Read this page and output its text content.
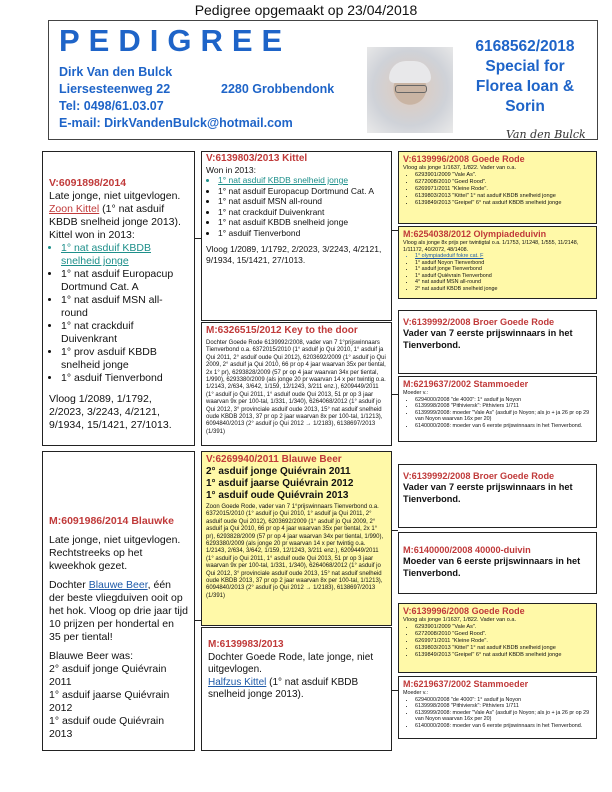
Pedigree opgemaakt op 23/04/2018
PEDIGREE
Dirk Van den Bulck
Liersesteenweg 22	2280 Grobbendonk
Tel: 0498/61.03.07
E-mail: DirkVandenBulck@hotmail.com
6168562/2018
Special for
Florea Ioan &
Sorin
Van den Bulck
V:6091898/2014
Late jonge, niet uitgevlogen.
Zoon Kittel (1° nat asduif KBDB snelheid jonge 2013).
Kittel won in 2013:
• 1° nat asduif KBDB snelheid jonge
• 1° nat asduif Europacup Dortmund Cat. A
• 1° nat asduif MSN all-round
• 1° nat crackduif Duivenkrant
• 1° prov asduif KBDB snelheid jonge
• 1° asduif Tienverbond
Vloog 1/2089, 1/1792, 2/2023, 3/2243, 4/2121, 9/1934, 15/1421, 27/1013.
M:6091986/2014 Blauwke
Late jonge, niet uitgevlogen. Rechtstreeks op het kweekhok gezet.
Dochter Blauwe Beer, één der beste vliegduiven ooit op het hok. Vloog op drie jaar tijd 10 prijzen per hondertal en 35 per tiental!
Blauwe Beer was:
2° asduif jonge Quiévrain 2011
1° asduif jaarse Quiévrain 2012
1° asduif oude Quiévrain 2013
V:6139803/2013 Kittel
Won in 2013:
• 1° nat asduif KBDB snelheid jonge
• 1° nat asduif Europacup Dortmund Cat. A
• 1° nat asduif MSN all-round
• 1° nat crackduif Duivenkrant
• 1° nat asduif KBDB snelheid jonge
• 1° asduif Tienverbond
Vloog 1/2089, 1/1792, 2/2023, 3/2243, 4/2121, 9/1934, 15/1421, 27/1013.
M:6326515/2012 Key to the door
Dochter Goede Rode 6139992/2008, vader van 7 1°prijswinnaars Tienverbond o.a. 6372015/2010 (1° asduif jo Qui 2010, 1° asduif ja Qui 2011, 2° asduif oude Qui 2012), 6203692/2009 (1° asduif jo Qui 2009, 2° asduif ja Qui 2010, 66 pr op 4 jaar waarvan 35x per tiental, 2x 1° pr), 6293828/2009 (57 pr op 4 jaar waarvan 34x per tiental, 1/990), 6293380/2009 (als jonge 20 pr waarvan 14 x per twintig o.a. 1/2143, 2/634, 3/642, 1/159, 12/1243, 3/211 enz.), 6209449/2011 (1° asduif jo Qui 2011, 1° asduif oude Qui 2013, 51 pr op 3 jaar waarvan 9x per 100-tal, 1/331, 1/340), 6264068/2012 (1° asduif jo Qui 2012, 3° provinciale asduif oude 2013, 15° nat asduif snelheid oude KBDB 2013, 37 pr op 2 jaar waarvan 8x per 100-tal, 1/1213), 6094840/2013 (2° asduif jo Qui 2012 → 1/2183), 6138697/2013 (1/391)
V:6269940/2011 Blauwe Beer
2° asduif jonge Quiévrain 2011
1° asduif jaarse Quiévrain 2012
1° asduif oude Quiévrain 2013
Zoon Goede Rode, vader van 7 1°prijswinnaars Tienverbond o.a. 6372015/2010 (1° asduif jo Qui 2010, 1° asduif ja Qui 2011, 2° asduif oude Qui 2012), 6203692/2009 (1° asduif jo Qui 2009, 2° asduif ja Qui 2010, 66 pr op 4 jaar waarvan 35x per tiental, 2x 1° pr), 6293828/2009 (57 pr op 4 jaar waarvan 34x per tiental, 1/990), 6293380/2009 (als jonge 20 pr waarvan 14 x per twintig o.a. 1/2143, 2/634, 3/642, 1/159, 12/1243, 3/211 enz.), 6209449/2011 (1° asduif jo Qui 2011, 1° asduif oude Qui 2013, 51 pr op 3 jaar waarvan 9x per 100-tal, 1/331, 1/340), 6264068/2012 (1° asduif jo Qui 2012, 3° provinciale asduif oude 2013, 15° nat asduif snelheid oude KBDB 2013, 37 pr op 2 jaar waarvan 8x per 100-tal, 1/1213), 6094840/2013 (2° asduif jo Qui 2012 → 1/2183), 6138697/2013 (1/391)
M:6139983/2013
Dochter Goede Rode, late jonge, niet uitgevlogen.
Halfzus Kittel (1° nat asduif KBDB snelheid jonge 2013).
V:6139996/2008 Goede Rode
Vloog als jonge 1/1637, 1/822. Vader van o.a.
• 6293901/2009 "Vale As".
• 6272008/2010 "Goed Rood".
• 6269971/2011 "Kleine Rode".
• 6139803/2013 "Kittel" 1° nat asduif KBDB snelheid jonge
• 6139849/2013 "Greipel" 6° nat asduif KBDB snelheid jonge
M:6254038/2012 Olympiadeduivin
Vloog als jonge 8x prijs per twintigtal o.a. 1/1753, 1/1248, 1/555, 11/2148, 1/11172, 40/2072, 48/1408.
• 1° olympiadeduif fokre cat. F
• 1° asduif Noyon Tienverbond
• 1° asduif jonge Tienverbond
• 1° asduif Quiévrain Tienverbond
• 4° nat asduif MSN all-round
• 2° nat asduif KBDB snelheid jonge
V:6139992/2008 Broer Goede Rode
Vader van 7 eerste prijswinnaars in het Tienverbond.
M:6219637/2002 Stammoeder
Moeder v.:
• 6294000/2008 "de 4000": 1° asduif ja Noyon
• 6139998/2008 "Pithiviersk": Pithiviers 1/711
• 6139999/2008: moeder "Vale As" (asduif jo Noyon; als jo + ja 26 pr op 29 van Noyon waarvan 16x per 20)
• 6140000/2008: moeder van 6 eerste prijswinnaars in het Tienverbond.
V:6139992/2008 Broer Goede Rode
Vader van 7 eerste prijswinnaars in het Tienverbond.
M:6140000/2008 40000-duivin
Moeder van 6 eerste prijswinnaars in het Tienverbond.
V:6139996/2008 Goede Rode
Vloog als jonge 1/1637, 1/822. Vader van o.a.
• 6293901/2009 "Vale As".
• 6272008/2010 "Goed Rood".
• 6269971/2011 "Kleine Rode".
• 6139803/2013 "Kittel" 1° nat asduif KBDB snelheid jonge
• 6139849/2013 "Greipel" 6° nat asduif KBDB snelheid jonge
M:6219637/2002 Stammoeder
Moeder v.:
• 6294000/2008 "de 4000": 1° asduif ja Noyon
• 6139998/2008 "Pithiviersk": Pithiviers 1/711
• 6139999/2008: moeder "Vale As" (asduif jo Noyon; als jo + ja 26 pr op 29 van Noyon waarvan 16x per 20)
• 6140000/2008: moeder van 6 eerste prijswinnaars in het Tienverbond.
